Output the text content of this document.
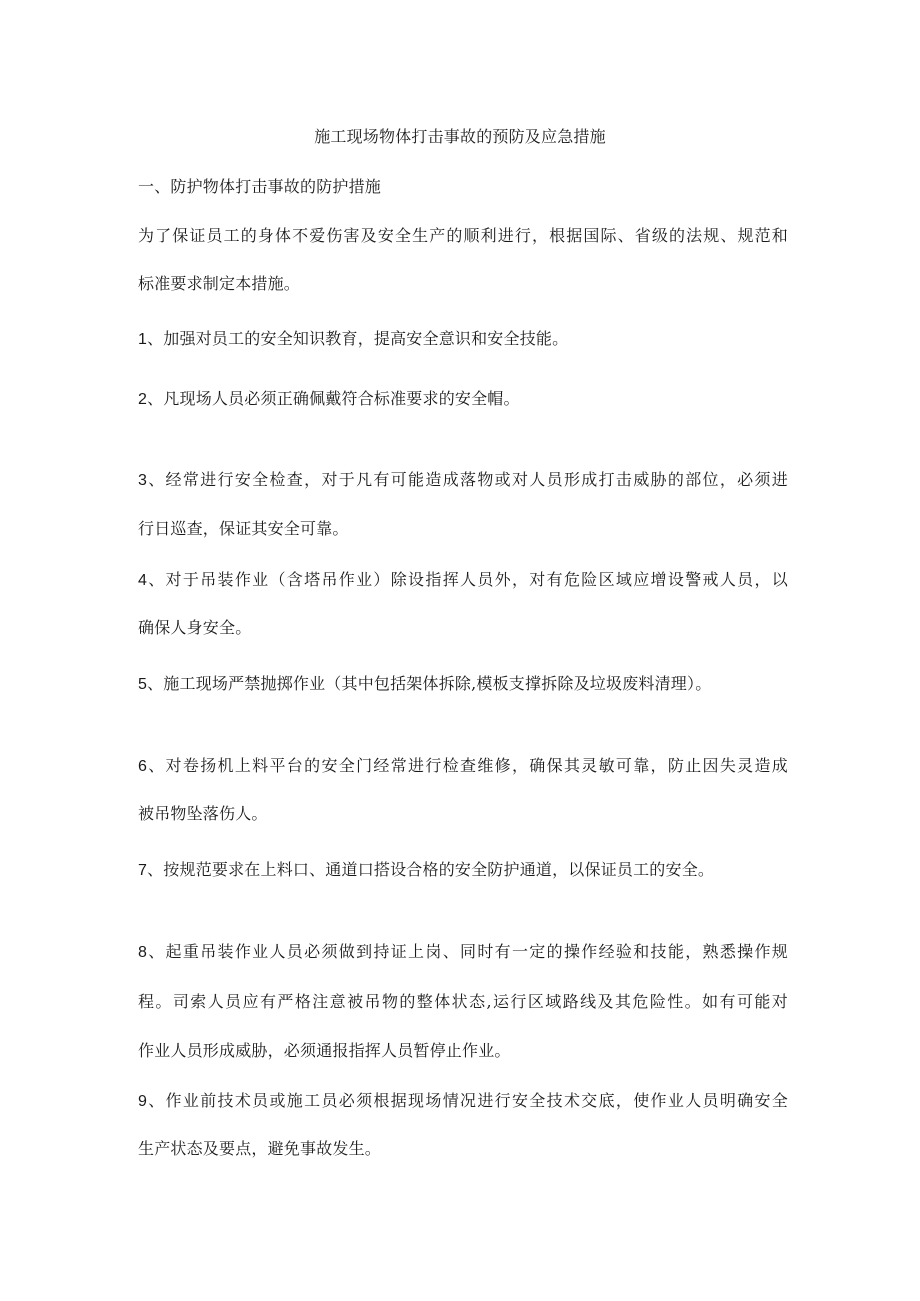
施工现场物体打击事故的预防及应急措施
一、防护物体打击事故的防护措施
为了保证员工的身体不爱伤害及安全生产的顺利进行，根据国际、省级的法规、规范和
标准要求制定本措施。
1、加强对员工的安全知识教育，提高安全意识和安全技能。
2、凡现场人员必须正确佩戴符合标准要求的安全帽。
3、经常进行安全检查，对于凡有可能造成落物或对人员形成打击威胁的部位，必须进
行日巡查，保证其安全可靠。
4、对于吊装作业（含塔吊作业）除设指挥人员外，对有危险区域应增设警戒人员，以
确保人身安全。
5、施工现场严禁抛掷作业（其中包括架体拆除,模板支撑拆除及垃圾废料清理）。
6、对卷扬机上料平台的安全门经常进行检查维修，确保其灵敏可靠，防止因失灵造成
被吊物坠落伤人。
7、按规范要求在上料口、通道口搭设合格的安全防护通道，以保证员工的安全。
8、起重吊装作业人员必须做到持证上岗、同时有一定的操作经验和技能，熟悉操作规
程。司索人员应有严格注意被吊物的整体状态,运行区域路线及其危险性。如有可能对
作业人员形成威胁，必须通报指挥人员暂停止作业。
9、作业前技术员或施工员必须根据现场情况进行安全技术交底，使作业人员明确安全
生产状态及要点，避免事故发生。
